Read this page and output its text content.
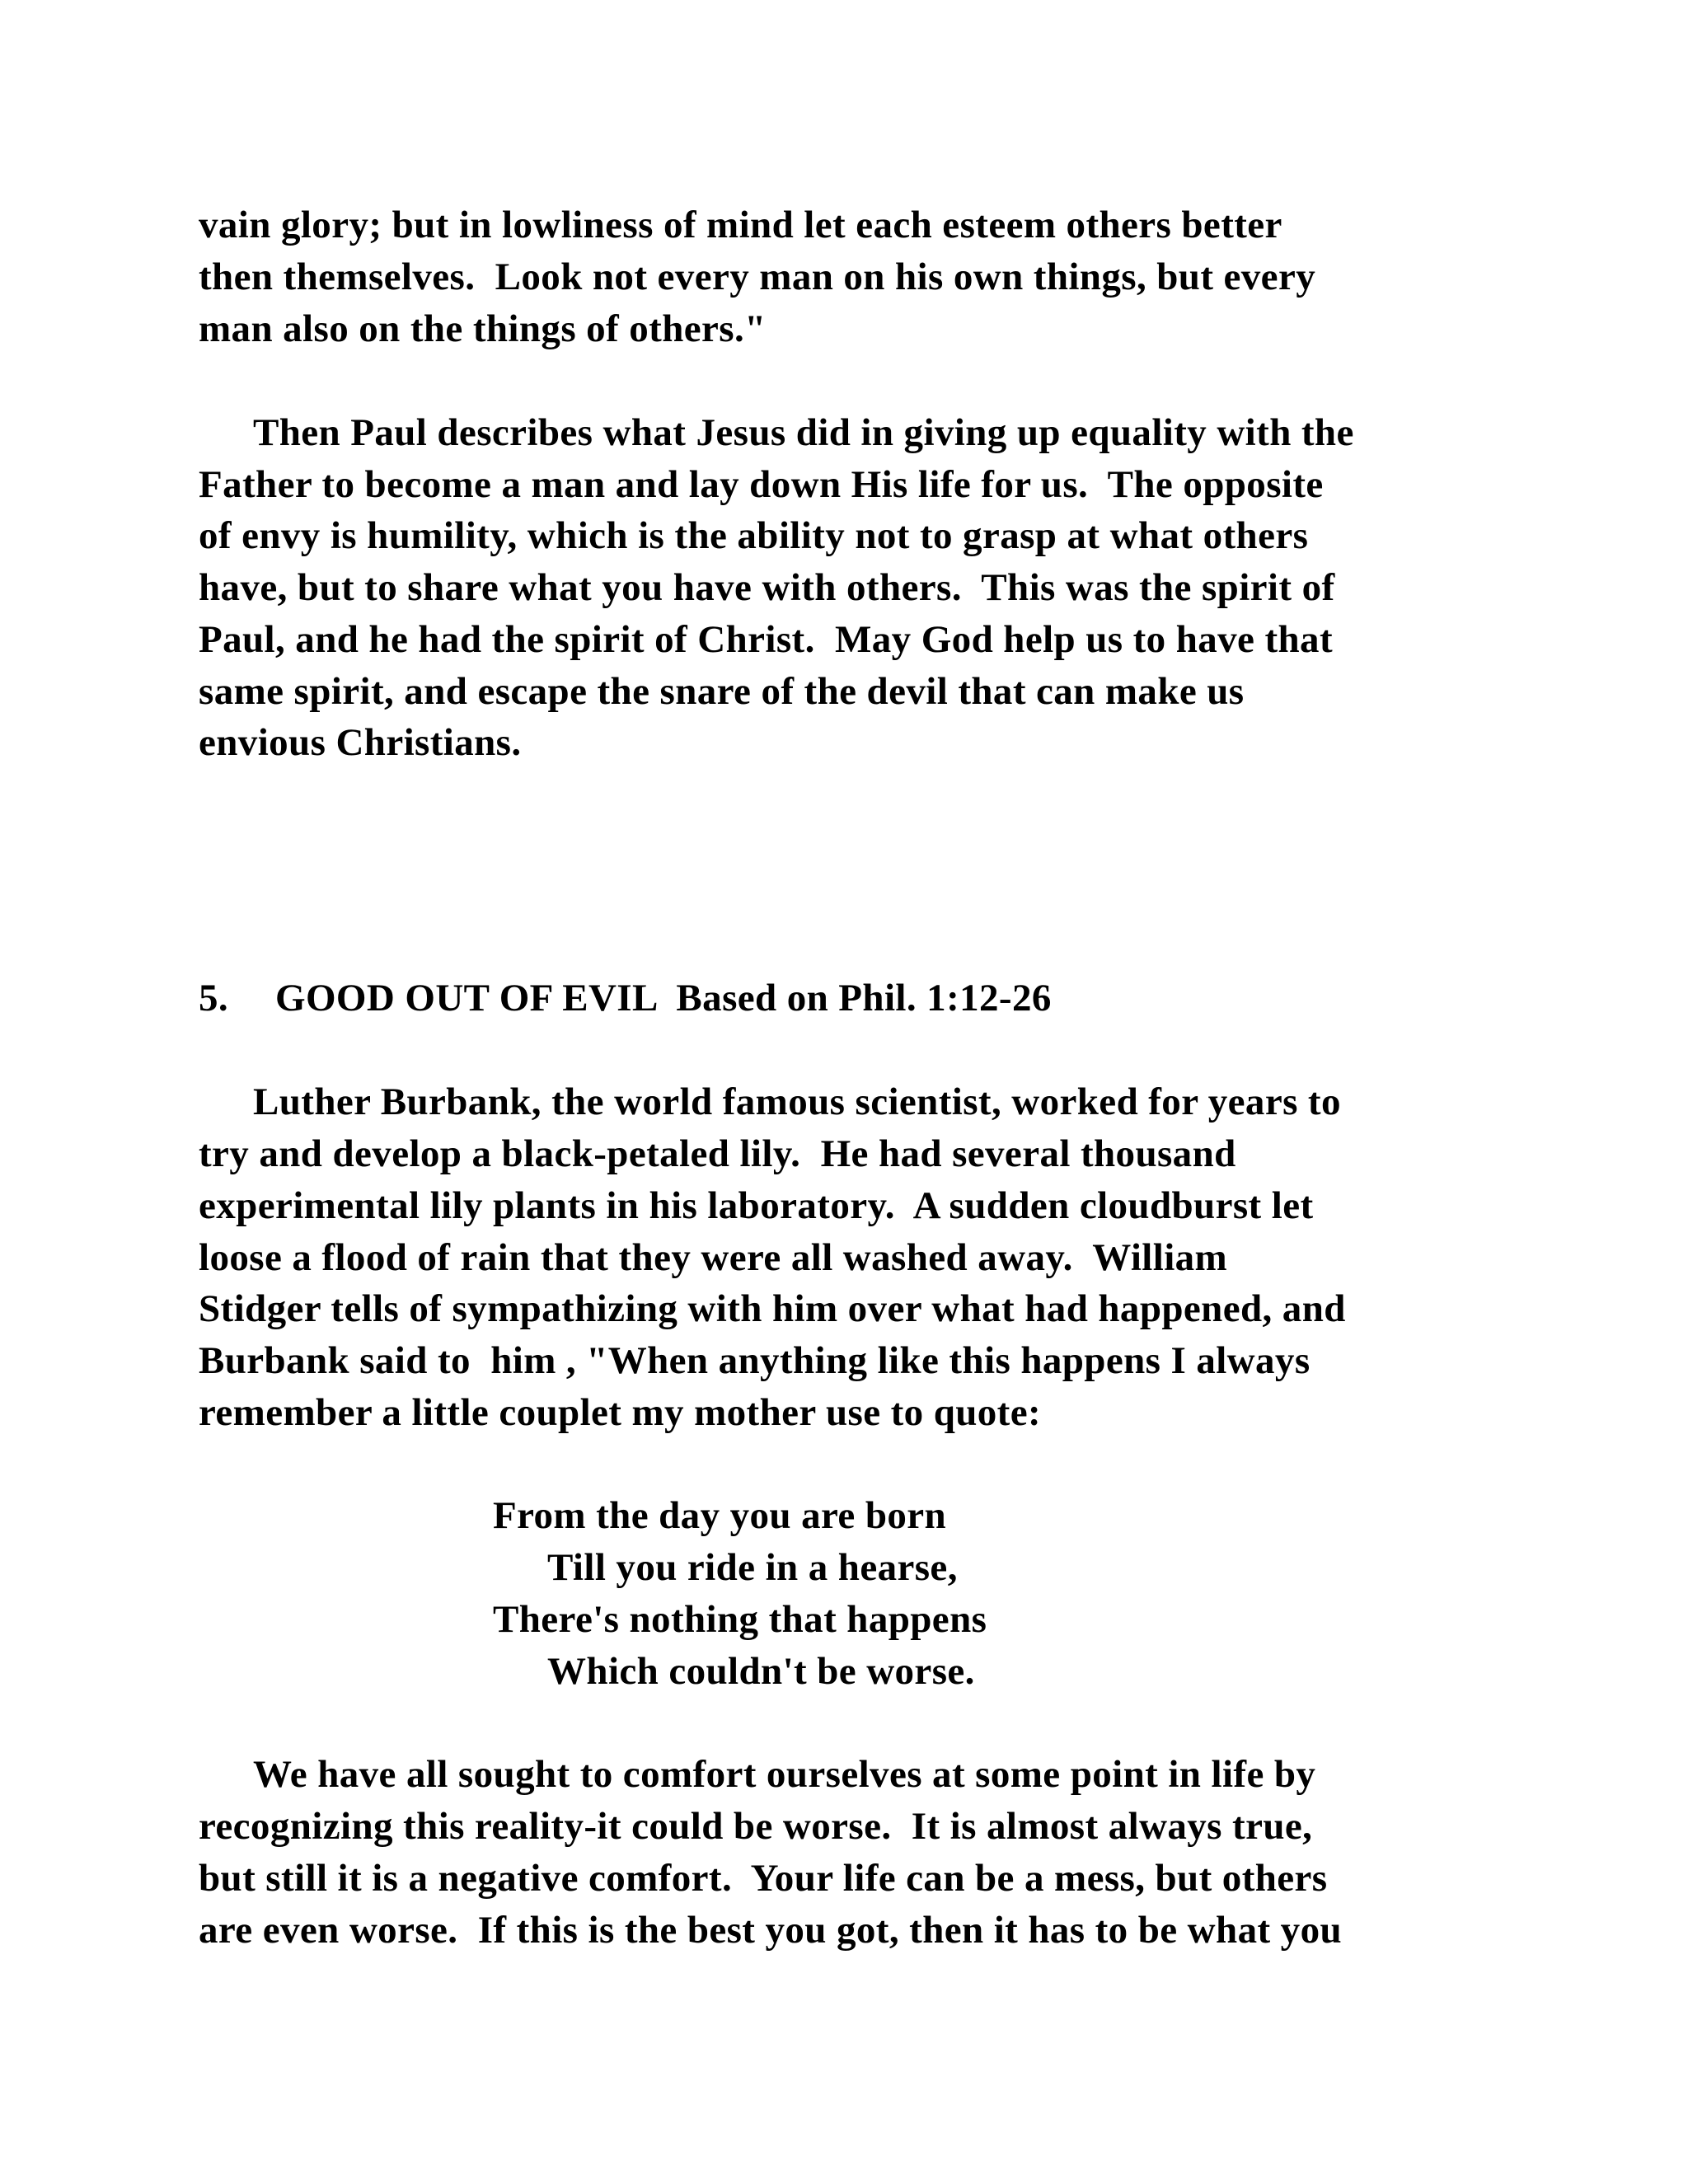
vain glory; but in lowliness of mind let each esteem others better
then themselves.  Look not every man on his own things, but every
man also on the things of others."
Then Paul describes what Jesus did in giving up equality with the
Father to become a man and lay down His life for us.  The opposite
of envy is humility, which is the ability not to grasp at what others
have, but to share what you have with others.  This was the spirit of
Paul, and he had the spirit of Christ.  May God help us to have that
same spirit, and escape the snare of the devil that can make us
envious Christians.
5. GOOD OUT OF EVIL  Based on Phil. 1:12-26
Luther Burbank, the world famous scientist, worked for years to
try and develop a black-petaled lily.  He had several thousand
experimental lily plants in his laboratory.  A sudden cloudburst let
loose a flood of rain that they were all washed away.  William
Stidger tells of sympathizing with him over what had happened, and
Burbank said to  him , "When anything like this happens I always
remember a little couplet my mother use to quote:
From the day you are born
Till you ride in a hearse,
There's nothing that happens
Which couldn't be worse.
We have all sought to comfort ourselves at some point in life by
recognizing this reality-it could be worse.  It is almost always true,
but still it is a negative comfort.  Your life can be a mess, but others
are even worse.  If this is the best you got, then it has to be what you
